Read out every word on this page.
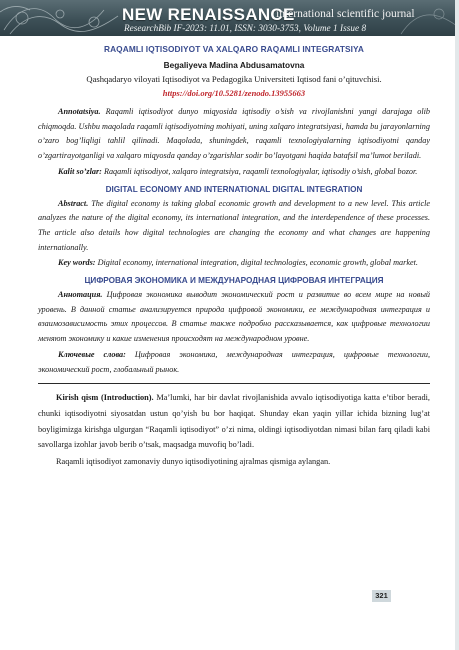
NEW RENAISSANCE
international scientific journal
ResearchBib IF-2023: 11.01, ISSN: 3030-3753, Volume 1 Issue 8
RAQAMLI IQTISODIYOT VA XALQARO RAQAMLI INTEGRATSIYA
Begaliyeva Madina Abdusamatovna
Qashqadaryo viloyati Iqtisodiyot va Pedagogika Universiteti Iqtisod fani o’qituvchisi.
https://doi.org/10.5281/zenodo.13955663
Annotatsiya. Raqamli iqtisodiyot dunyo miqyosida iqtisodiy o’sish va rivojlanishni yangi darajaga olib chiqmoqda. Ushbu maqolada raqamli iqtisodiyotning mohiyati, uning xalqaro integratsiyasi, hamda bu jarayonlarning o’zaro bog’liqligi tahlil qilinadi. Maqolada, shuningdek, raqamli texnologiyalarning iqtisodiyotni qanday o’zgartirayotganligi va xalqaro miqyosda qanday o’zgarishlar sodir bo’layotgani haqida batafsil ma’lumot beriladi.
Kalit so’zlar: Raqamli iqtisodiyot, xalqaro integratsiya, raqamli texnologiyalar, iqtisodiy o’sish, global bozor.
DIGITAL ECONOMY AND INTERNATIONAL DIGITAL INTEGRATION
Abstract. The digital economy is taking global economic growth and development to a new level. This article analyzes the nature of the digital economy, its international integration, and the interdependence of these processes. The article also details how digital technologies are changing the economy and what changes are happening internationally.
Key words: Digital economy, international integration, digital technologies, economic growth, global market.
ЦИФРОВАЯ ЭКОНОМИКА И МЕЖДУНАРОДНАЯ ЦИФРОВАЯ ИНТЕГРАЦИЯ
Аннотация. Цифровая экономика выводит экономический рост и развитие во всем мире на новый уровень. В данной статье анализируется природа цифровой экономики, ее международная интеграция и взаимозависимость этих процессов. В статье также подробно рассказывается, как цифровые технологии меняют экономику и какие изменения происходят на международном уровне.
Ключевые слова: Цифровая экономика, международная интеграция, цифровые технологии, экономический рост, глобальный рынок.
Kirish qism (Introduction). Ma’lumki, har bir davlat rivojlanishida avvalo iqtisodiyotiga katta e’tibor beradi, chunki iqtisodiyotni siyosatdan ustun qo’yish bu bor haqiqat. Shunday ekan yaqin yillar ichida bizning lug’at boyligimizga kirishga ulgurgan “Raqamli iqtisodiyot” o’zi nima, oldingi iqtisodiyotdan nimasi bilan farq qiladi kabi savollarga izohlar javob berib o’tsak, maqsadga muvofiq bo’ladi.
Raqamli iqtisodiyot zamonaviy dunyo iqtisodiyotining ajralmas qismiga aylangan.
321
